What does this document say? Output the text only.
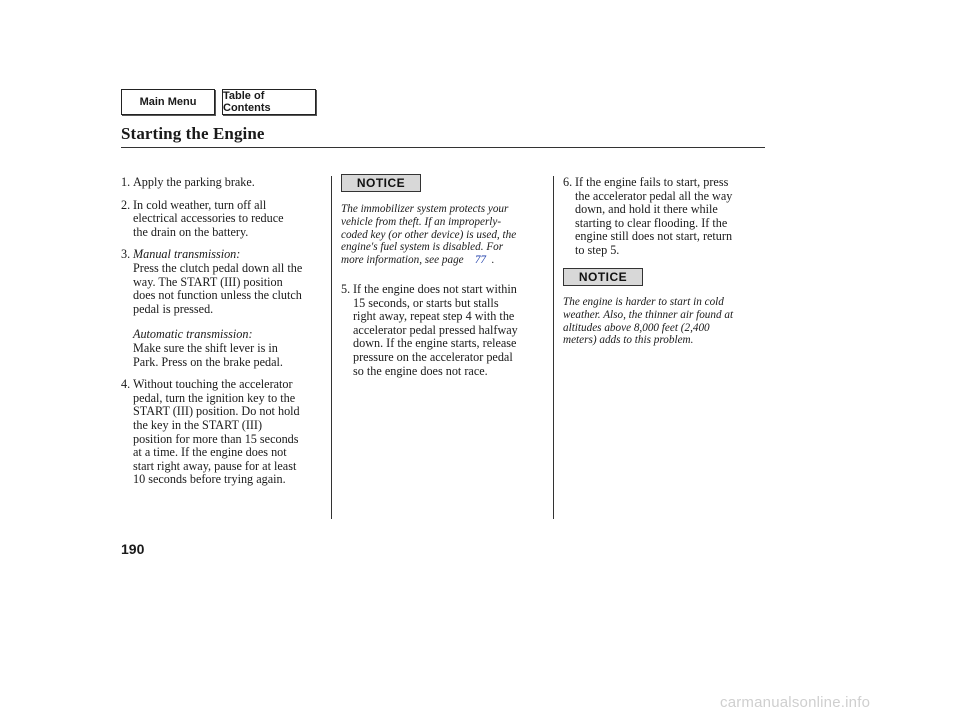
Main Menu	Table of Contents
Starting the Engine
1. Apply the parking brake.
2. In cold weather, turn off all
electrical accessories to reduce
the drain on the battery.
3. Manual transmission:
Press the clutch pedal down all the
way. The START (III) position
does not function unless the clutch
pedal is pressed.
Automatic transmission:
Make sure the shift lever is in
Park. Press on the brake pedal.
4. Without touching the accelerator
pedal, turn the ignition key to the
START (III) position. Do not hold
the key in the START (III)
position for more than 15 seconds
at a time. If the engine does not
start right away, pause for at least
10 seconds before trying again.
NOTICE
The immobilizer system protects your
vehicle from theft. If an improperly-
coded key (or other device) is used, the
engine's fuel system is disabled. For
more information, see page 77 .
5. If the engine does not start within
15 seconds, or starts but stalls
right away, repeat step 4 with the
accelerator pedal pressed halfway
down. If the engine starts, release
pressure on the accelerator pedal
so the engine does not race.
6. If the engine fails to start, press
the accelerator pedal all the way
down, and hold it there while
starting to clear flooding. If the
engine still does not start, return
to step 5.
NOTICE
The engine is harder to start in cold
weather. Also, the thinner air found at
altitudes above 8,000 feet (2,400
meters) adds to this problem.
190
carmanualsonline.info
